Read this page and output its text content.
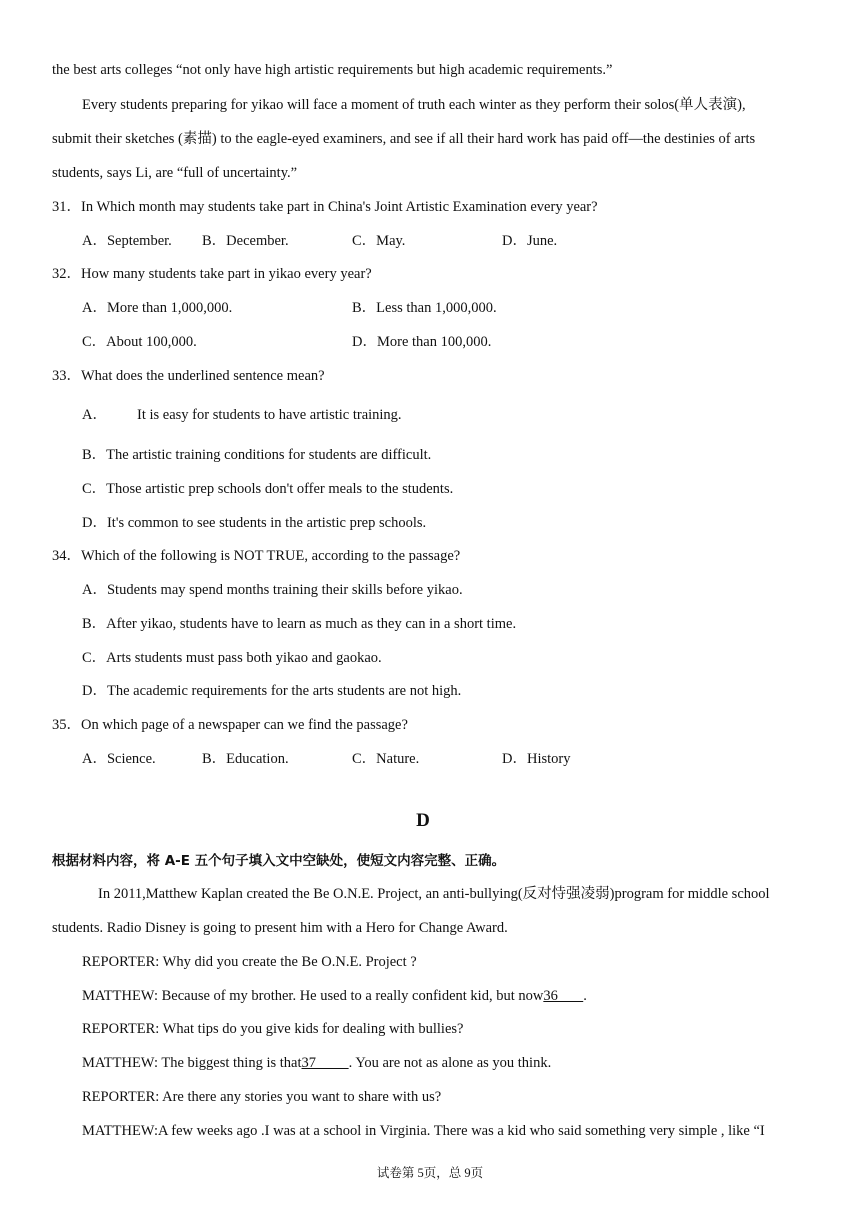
the best arts colleges “not only have high artistic requirements but high academic requirements.”
Every students preparing for yikao will face a moment of truth each winter as they perform their solos(单人表演),
submit their sketches (素描) to the eagle-eyed examiners, and see if all their hard work has paid off—the destinies of arts
students, says Li, are “full of uncertainty.”
31．In Which month may students take part in China's Joint Artistic Examination every year?
A．September. B．December.	C．May.	D．June.
32．How many students take part in yikao every year?
A．More than 1,000,000.	B．Less than 1,000,000.
C．About 100,000.	D．More than 100,000.
33．What does the underlined sentence mean?
A． It is easy for students to have artistic training.
B．The artistic training conditions for students are difficult.
C．Those artistic prep schools don't offer meals to the students.
D．It's common to see students in the artistic prep schools.
34．Which of the following is NOT TRUE, according to the passage?
A．Students may spend months training their skills before yikao.
B．After yikao, students have to learn as much as they can in a short time.
C．Arts students must pass both yikao and gaokao.
D．The academic requirements for the arts students are not high.
35．On which page of a newspaper can we find the passage?
A．Science.	B．Education.	C．Nature.	D．History
D
根据材料内容，将 A-E 五个句子填入文中空缺处，使短文内容完整、正确。
In 2011,Matthew Kaplan created the Be O.N.E. Project, an anti-bullying(反对恃强凌弱)program for middle school
students. Radio Disney is going to present him with a Hero for Change Award.
REPORTER: Why did you create the Be O.N.E. Project ?
MATTHEW: Because of my brother. He used to a really confident kid, but now36       .
REPORTER: What tips do you give kids for dealing with bullies?
MATTHEW: The biggest thing is that37         . You are not as alone as you think.
REPORTER: Are there any stories you want to share with us?
MATTHEW:A few weeks ago .I was at a school in Virginia. There was a kid who said something very simple , like “I
试卷第 5页，总 9页
